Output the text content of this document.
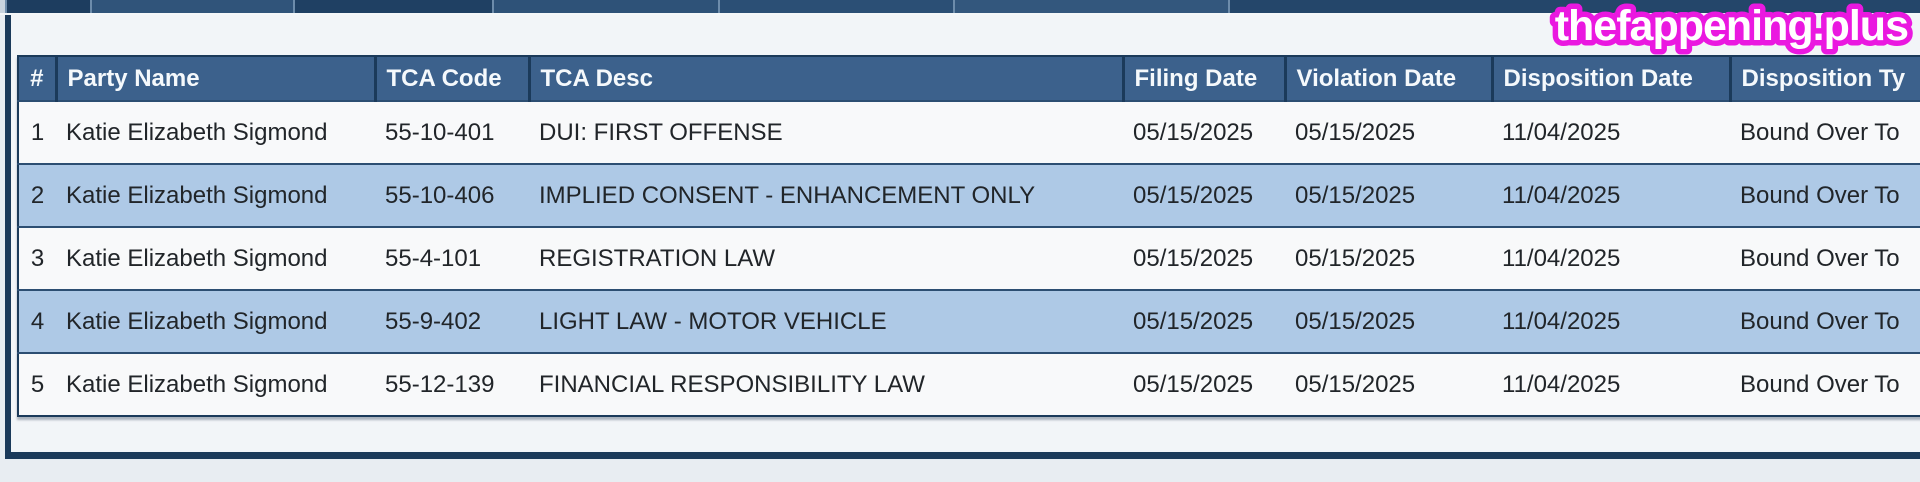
#	Party Name	TCA Code	TCA Desc	Filing Date	Violation Date	Disposition Date	Disposition Ty
1	Katie Elizabeth Sigmond	55-10-401	DUI: FIRST OFFENSE	05/15/2025	05/15/2025	11/04/2025	Bound Over To
2	Katie Elizabeth Sigmond	55-10-406	IMPLIED CONSENT - ENHANCEMENT ONLY	05/15/2025	05/15/2025	11/04/2025	Bound Over To
3	Katie Elizabeth Sigmond	55-4-101	REGISTRATION LAW	05/15/2025	05/15/2025	11/04/2025	Bound Over To
4	Katie Elizabeth Sigmond	55-9-402	LIGHT LAW - MOTOR VEHICLE	05/15/2025	05/15/2025	11/04/2025	Bound Over To
5	Katie Elizabeth Sigmond	55-12-139	FINANCIAL RESPONSIBILITY LAW	05/15/2025	05/15/2025	11/04/2025	Bound Over To
thefappening.plus
